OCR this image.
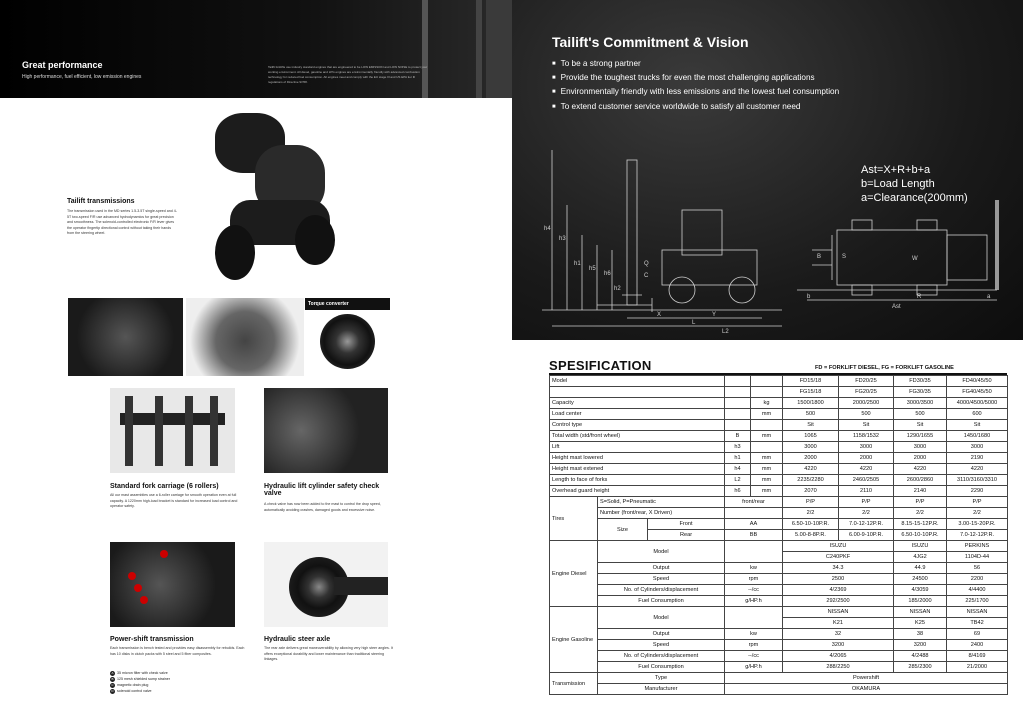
Great performance
High performance, fuel efficient, low emission engines
Tailift forklifts use industry standard engines that are engineered to be LOW EMISSION and LOW NOISE to protect your working environment. All diesel, gasoline and LPG engines are environmentally friendly with advanced combustion technology for reduced fuel consumption. All engines meet and comply with the EU stage III and US EPA tier III regulations of Directive 97/68.
Tailift transmissions
The transmission used in the MD series 1.5-3.5T single-speed and 4-5T two-speed F/R use advanced hydrodynamics for great precision and smoothness. The solenoid-controlled electronic F/R lever gives the operator fingertip directional control without taking their hands from the steering wheel.
Torque converter
Standard fork carriage (6 rollers)
All our mast assemblies use a 6-roller carriage for smooth operation even at full capacity. A 1220mm high-load bracket is standard for increased load control and operator safety.
Hydraulic lift cylinder safety check valve
A check valve has now been added to the mast to control the drop speed, automatically avoiding crashes, damaged goods and excessive noise.
Power-shift transmission
Each transmission is bench tested and provides easy disassembly for rebuilds. Each has 10 disks in clutch packs with 5 steel and 5 fiber composites.
A 35 micron filter with check valve
B 125 mesh shielded sump strainer
C magnetic drain plug
D solenoid control valve
Hydraulic steer axle
The rear axle delivers great maneuverability by allowing very high steer angles. It offers exceptional durability and lower maintenance than traditional steering linkages.
Tailift's Commitment & Vision
■ To be a strong partner
■ Provide the toughest trucks for even the most challenging applications
■ Environmentally friendly with less emissions and the lowest fuel consumption
■ To extend customer service worldwide to satisfy all customer need
h4
h3
h1
h5
h6
h2
Q
C
X	Y
L
L2
W
R	a
b
Ast
B	S
Ast=X+R+b+a
b=Load Length
a=Clearance(200mm)
SPESIFICATION	FD = FORKLIFT DIESEL, FG = FORKLIFT GASOLINE
Model					FD15/18	FD20/25	FD30/35	FD40/45/50
					FG15/18	FG20/25	FG30/35	FG40/45/50
Capacity				kg	1500/1800	2000/2500	3000/3500	4000/4500/5000
Load center				mm	500	500	500	600
Control type					Sit	Sit	Sit	Sit
Total width (std/front wheel)			B	mm	1065	1158/1532	1290/1655	1450/1680
Lift			h3		3000	3000	3000	3000
Height mast lowered			h1	mm	2000	2000	2000	2190
Height mast extened			h4	mm	4220	4220	4220	4220
Length to face of forks			L2	mm	2235/2280	2460/2505	2600/2860	3110/3160/3310
Overhead guard height			h6	mm	2070	2110	2140	2290
Tires	S=Solid, P=Pneumatic		front/rear		P/P	P/P	P/P	P/P
	Number (front/rear, X Driven)				2/2	2/2	2/2	2/2
	Size	Front	AA		6.50-10-10P.R.	7.0-12-12P.R.	8.15-15-12P.R.	3.00-15-20P.R.
		Rear	BB		5.00-8-8P.R.	6.00-9-10P.R.	6.50-10-10P.R.	7.0-12-12P.R.
Engine Diesel	Model				ISUZU		ISUZU	PERKINS
					C240PKF		4JG2	1104D-44
	Output		kw		34.3		44.9	56
	Speed		rpm		2500		24500	2200
	No. of Cylinders/displacement		--/cc		4/2369		4/3059	4/4400
	Fuel Consumption		g/HP.h		292/2500		185/2000	225/1700
Engine Gasoline	Model				NISSAN		NISSAN	NISSAN
					K21		K25	TB42
	Output		kw		32		38	69
	Speed		rpm		3200		3200	2400
	No. of Cylinders/displacement		--/cc		4/2065		4/2488	8/4169
	Fuel Consumption		g/HP.h		288/2250		285/2300	21/2000
Transmission	Type		Powershift					
	Manufacturer		OKAMURA					
